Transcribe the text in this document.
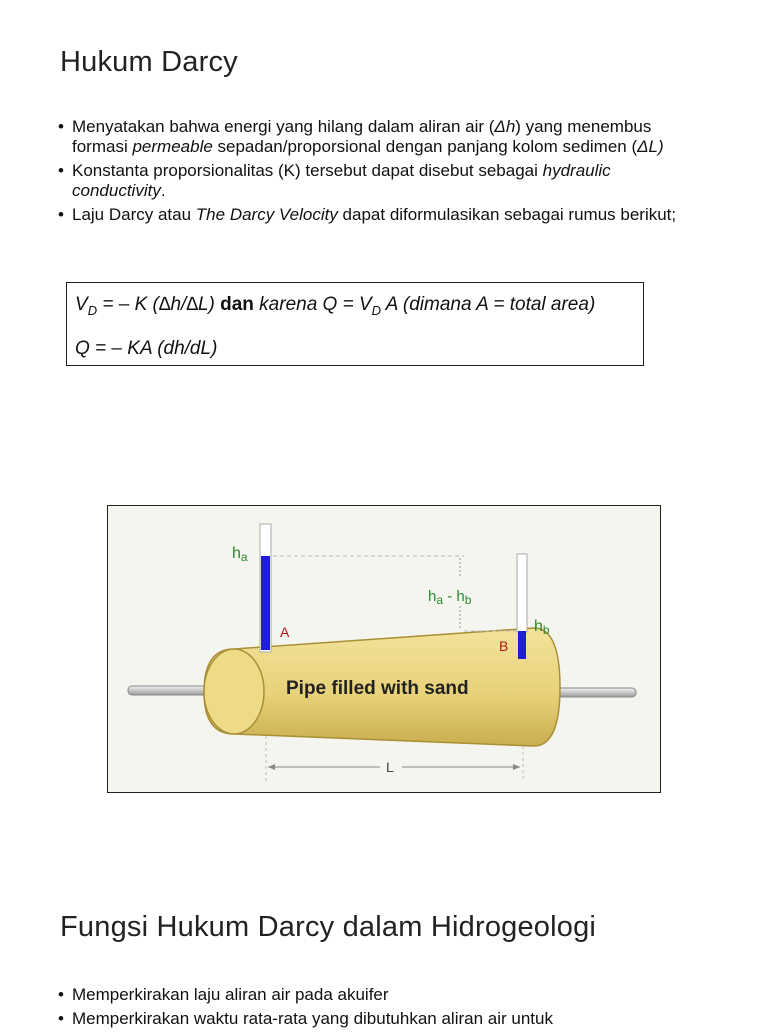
Hukum Darcy
• Menyatakan bahwa energi yang hilang dalam aliran air (Δh) yang menembus formasi permeable sepadan/proporsional dengan panjang kolom sedimen (ΔL)
• Konstanta proporsionalitas (K) tersebut dapat disebut sebagai hydraulic conductivity.
• Laju Darcy atau The Darcy Velocity dapat diformulasikan sebagai rumus berikut;
$V_D$ = – K (∆h/∆L) dan karena $Q = V_D$ A (dimana A = total area)
Q = – KA (dh/dL)
ha
hb
$h_a - h_b$
A
B
L
Pipe filled with sand
Fungsi Hukum Darcy dalam Hidrogeologi
• Memperkirakan laju aliran air pada akuifer
• Memperkirakan waktu rata-rata yang dibutuhkan aliran air untuk
